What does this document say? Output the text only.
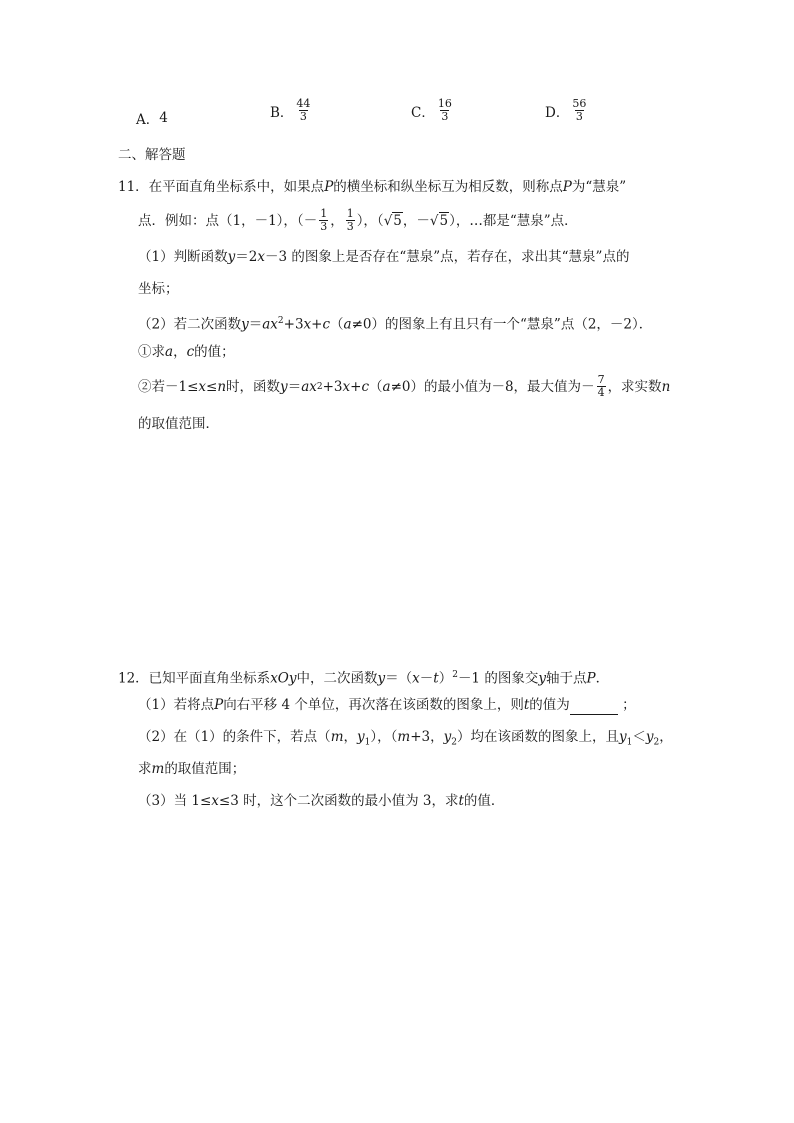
A． 4	B． $\frac{44}{3}$	C． $\frac{16}{3}$	D． $\frac{56}{3}$
二、解答题
11．在平面直角坐标系中，如果点P的横坐标和纵坐标互为相反数，则称点P为“慧泉”
点．例如：点（1，－1），（ － $\frac{1}{3}$ ， $\frac{1}{3}$ ），（ √5 ，－ √5 ），…都是“慧泉”点．
（1）判断函数y＝2x－3 的图象上是否存在“慧泉”点，若存在，求出其“慧泉”点的
坐标；
（2）若二次函数$y=ax^2+3x+c(a\ne 0)$的图象上有且只有一个“慧泉”点（2，－2）．
①求a，c的值；
②若－1≤ x ≤ n 时，函数 y ＝ ax 2 +3 x + c （ a ≠0）的最小值为－8，最大值为 － $\frac{7}{4}$ ，求实数 n
的取值范围．
12．已知平面直角坐标系xOy中，二次函数$y=(x-t)^2-1$ 的图象交y轴于点P．
（1）若将点P向右平移 4 个单位，再次落在该函数的图象上，则t的值为	；
（2）在（1）的条件下，若点（m，$y_1$），（m+3，$y_2$）均在该函数的图象上，且$y_1<y_2$，
求m的取值范围；
（3）当 1≤x≤3 时，这个二次函数的最小值为 3，求t的值．
